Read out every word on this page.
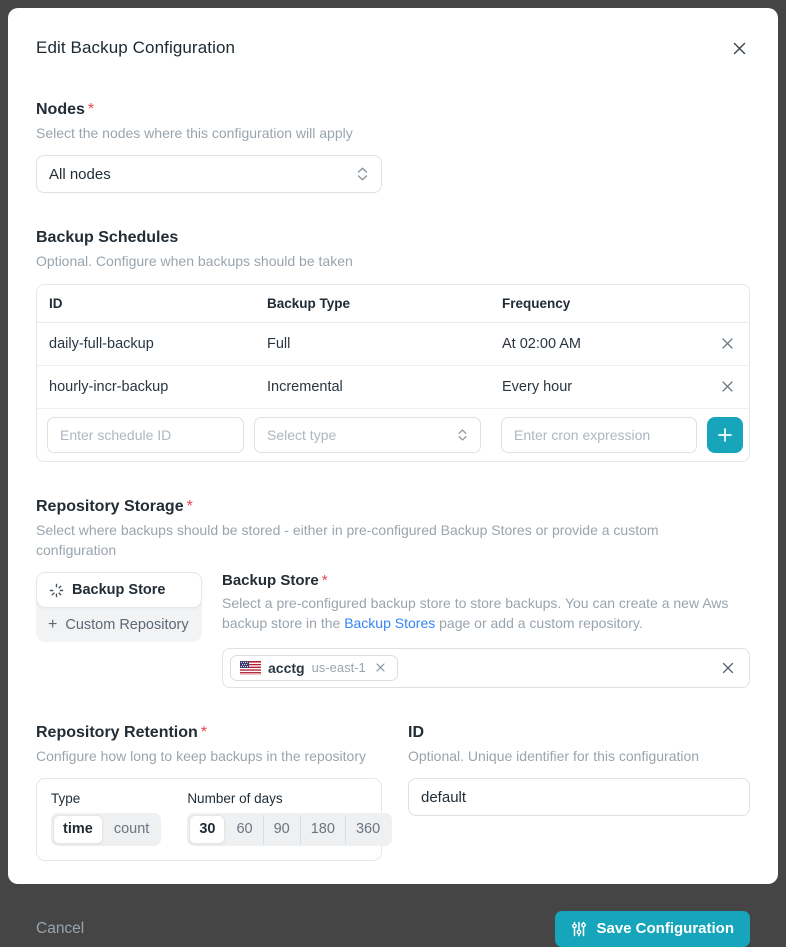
Edit Backup Configuration
Nodes *
Select the nodes where this configuration will apply
All nodes
Backup Schedules
Optional. Configure when backups should be taken
ID	Backup Type	Frequency
daily-full-backup	Full	At 02:00 AM
hourly-incr-backup	Incremental	Every hour
Enter schedule ID
Select type
Enter cron expression
Repository Storage *
Select where backups should be stored - either in pre-configured Backup Stores or provide a custom configuration
Backup Store
+ Custom Repository
Backup Store *
Select a pre-configured backup store to store backups. You can create a new Aws backup store in the Backup Stores page or add a custom repository.
acctg us-east-1
Repository Retention *
Configure how long to keep backups in the repository
Type
time	count
Number of days
30	60	90	180	360
ID
Optional. Unique identifier for this configuration
default
Cancel	Save Configuration
